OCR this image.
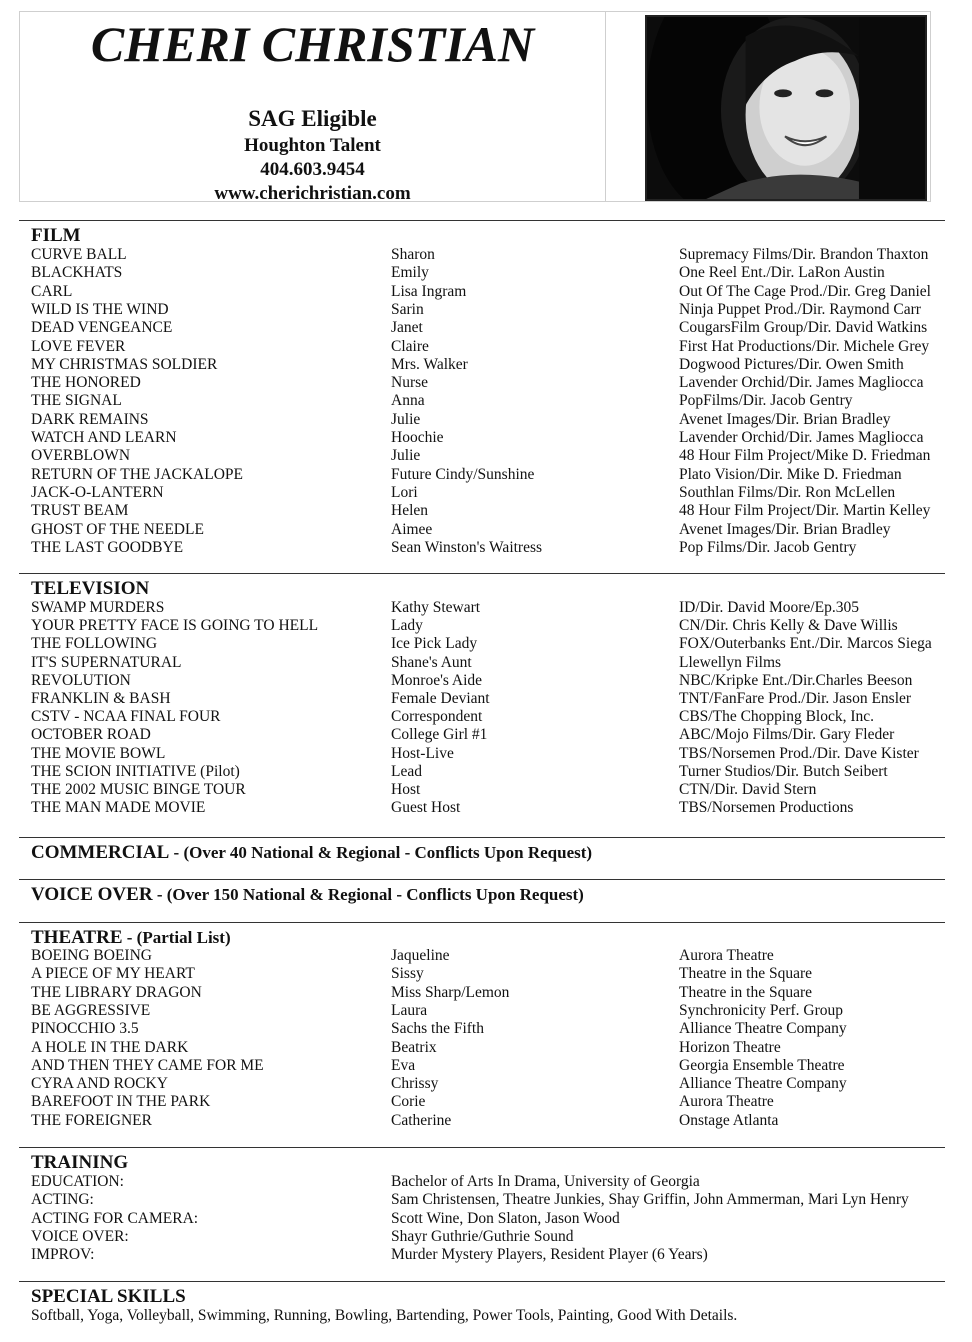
CHERI CHRISTIAN
SAG Eligible
Houghton Talent
404.603.9454
www.cherichristian.com
FILM
CURVE BALL	Sharon	Supremacy Films/Dir. Brandon Thaxton
BLACKHATS	Emily	One Reel Ent./Dir. LaRon Austin
CARL	Lisa Ingram	Out Of The Cage Prod./Dir. Greg Daniel
WILD IS THE WIND	Sarin	Ninja Puppet Prod./Dir. Raymond Carr
DEAD VENGEANCE	Janet	CougarsFilm Group/Dir. David Watkins
LOVE FEVER	Claire	First Hat Productions/Dir. Michele Grey
MY CHRISTMAS SOLDIER	Mrs. Walker	Dogwood Pictures/Dir. Owen Smith
THE HONORED	Nurse	Lavender Orchid/Dir. James Magliocca
THE SIGNAL	Anna	PopFilms/Dir. Jacob Gentry
DARK REMAINS	Julie	Avenet Images/Dir. Brian Bradley
WATCH AND LEARN	Hoochie	Lavender Orchid/Dir. James Magliocca
OVERBLOWN	Julie	48 Hour Film Project/Mike D. Friedman
RETURN OF THE JACKALOPE	Future Cindy/Sunshine	Plato Vision/Dir. Mike D. Friedman
JACK-O-LANTERN	Lori	Southlan Films/Dir. Ron McLellen
TRUST BEAM	Helen	48 Hour Film Project/Dir. Martin Kelley
GHOST OF THE NEEDLE	Aimee	Avenet Images/Dir. Brian Bradley
THE LAST GOODBYE	Sean Winston's Waitress	Pop Films/Dir. Jacob Gentry
TELEVISION
SWAMP MURDERS	Kathy Stewart	ID/Dir. David Moore/Ep.305
YOUR PRETTY FACE IS GOING TO HELL	Lady	CN/Dir. Chris Kelly & Dave Willis
THE FOLLOWING	Ice Pick Lady	FOX/Outerbanks Ent./Dir. Marcos Siega
IT'S SUPERNATURAL	Shane's Aunt	Llewellyn Films
REVOLUTION	Monroe's Aide	NBC/Kripke Ent./Dir.Charles Beeson
FRANKLIN & BASH	Female Deviant	TNT/FanFare Prod./Dir. Jason Ensler
CSTV - NCAA FINAL FOUR	Correspondent	CBS/The Chopping Block, Inc.
OCTOBER ROAD	College Girl #1	ABC/Mojo Films/Dir. Gary Fleder
THE MOVIE BOWL	Host-Live	TBS/Norsemen Prod./Dir. Dave Kister
THE SCION INITIATIVE (Pilot)	Lead	Turner Studios/Dir. Butch Seibert
THE 2002 MUSIC BINGE TOUR	Host	CTN/Dir. David Stern
THE MAN MADE MOVIE	Guest Host	TBS/Norsemen Productions
COMMERCIAL - (Over 40 National & Regional - Conflicts Upon Request)
VOICE OVER - (Over 150 National & Regional - Conflicts Upon Request)
THEATRE - (Partial List)
BOEING BOEING	Jaqueline	Aurora Theatre
A PIECE OF MY HEART	Sissy	Theatre in the Square
THE LIBRARY DRAGON	Miss Sharp/Lemon	Theatre in the Square
BE AGGRESSIVE	Laura	Synchronicity Perf. Group
PINOCCHIO 3.5	Sachs the Fifth	Alliance Theatre Company
A HOLE IN THE DARK	Beatrix	Horizon Theatre
AND THEN THEY CAME FOR ME	Eva	Georgia Ensemble Theatre
CYRA AND ROCKY	Chrissy	Alliance Theatre Company
BAREFOOT IN THE PARK	Corie	Aurora Theatre
THE FOREIGNER	Catherine	Onstage Atlanta
TRAINING
EDUCATION:	Bachelor of Arts In Drama, University of Georgia
ACTING:	Sam Christensen, Theatre Junkies, Shay Griffin, John Ammerman, Mari Lyn Henry
ACTING FOR CAMERA:	Scott Wine, Don Slaton, Jason Wood
VOICE OVER:	Shayr Guthrie/Guthrie Sound
IMPROV:	Murder Mystery Players, Resident Player (6 Years)
SPECIAL SKILLS
Softball, Yoga, Volleyball, Swimming, Running, Bowling, Bartending, Power Tools, Painting, Good With Details.
